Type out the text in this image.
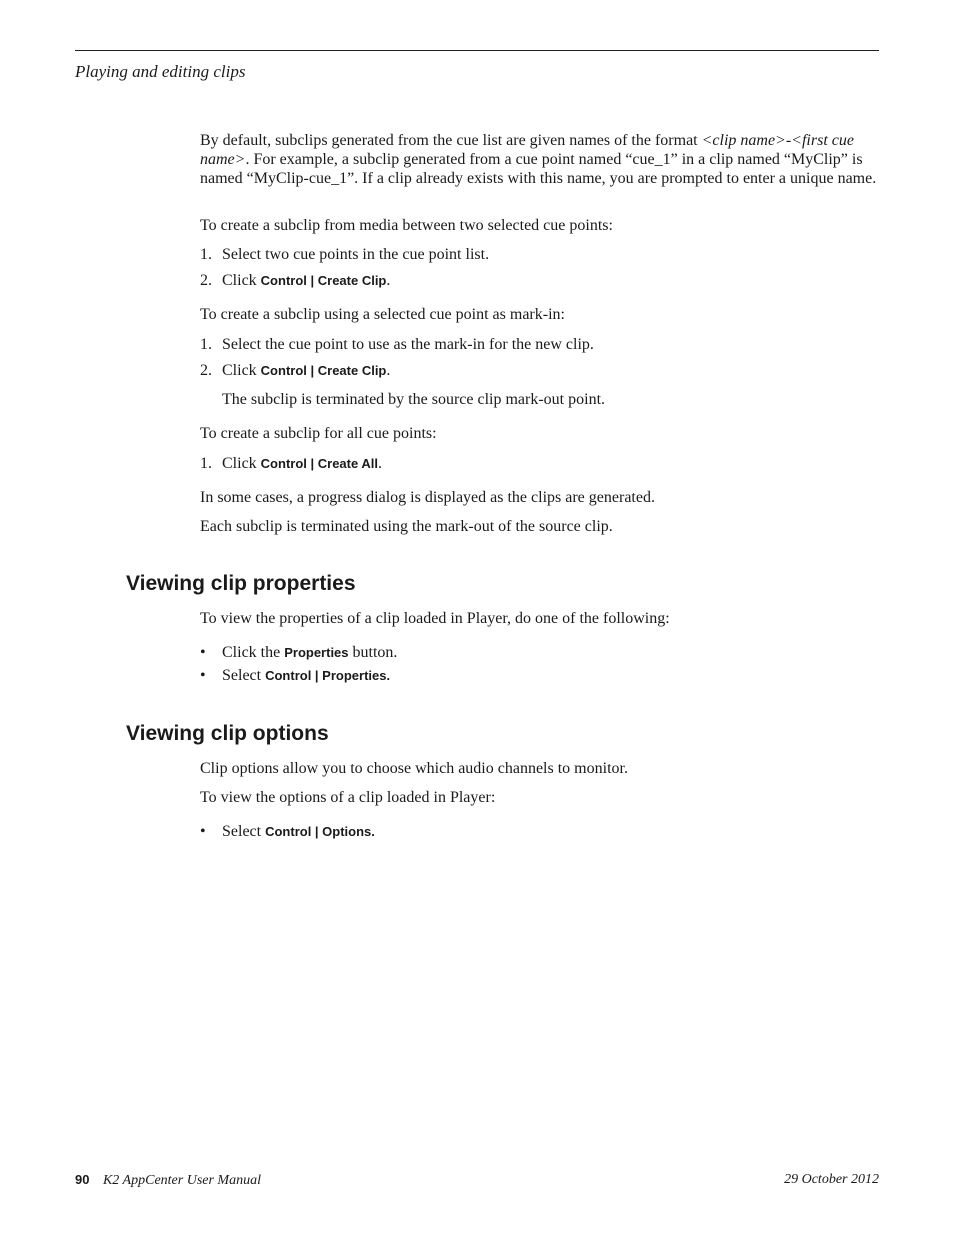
Playing and editing clips
By default, subclips generated from the cue list are given names of the format <clip name>-<first cue name>. For example, a subclip generated from a cue point named “cue_1” in a clip named “MyClip” is named “MyClip-cue_1”. If a clip already exists with this name, you are prompted to enter a unique name.
To create a subclip from media between two selected cue points:
1. Select two cue points in the cue point list.
2. Click Control | Create Clip.
To create a subclip using a selected cue point as mark-in:
1. Select the cue point to use as the mark-in for the new clip.
2. Click Control | Create Clip.
The subclip is terminated by the source clip mark-out point.
To create a subclip for all cue points:
1. Click Control | Create All.
In some cases, a progress dialog is displayed as the clips are generated.
Each subclip is terminated using the mark-out of the source clip.
Viewing clip properties
To view the properties of a clip loaded in Player, do one of the following:
• Click the Properties button.
• Select Control | Properties.
Viewing clip options
Clip options allow you to choose which audio channels to monitor.
To view the options of a clip loaded in Player:
• Select Control | Options.
90 K2 AppCenter User Manual	29 October 2012
